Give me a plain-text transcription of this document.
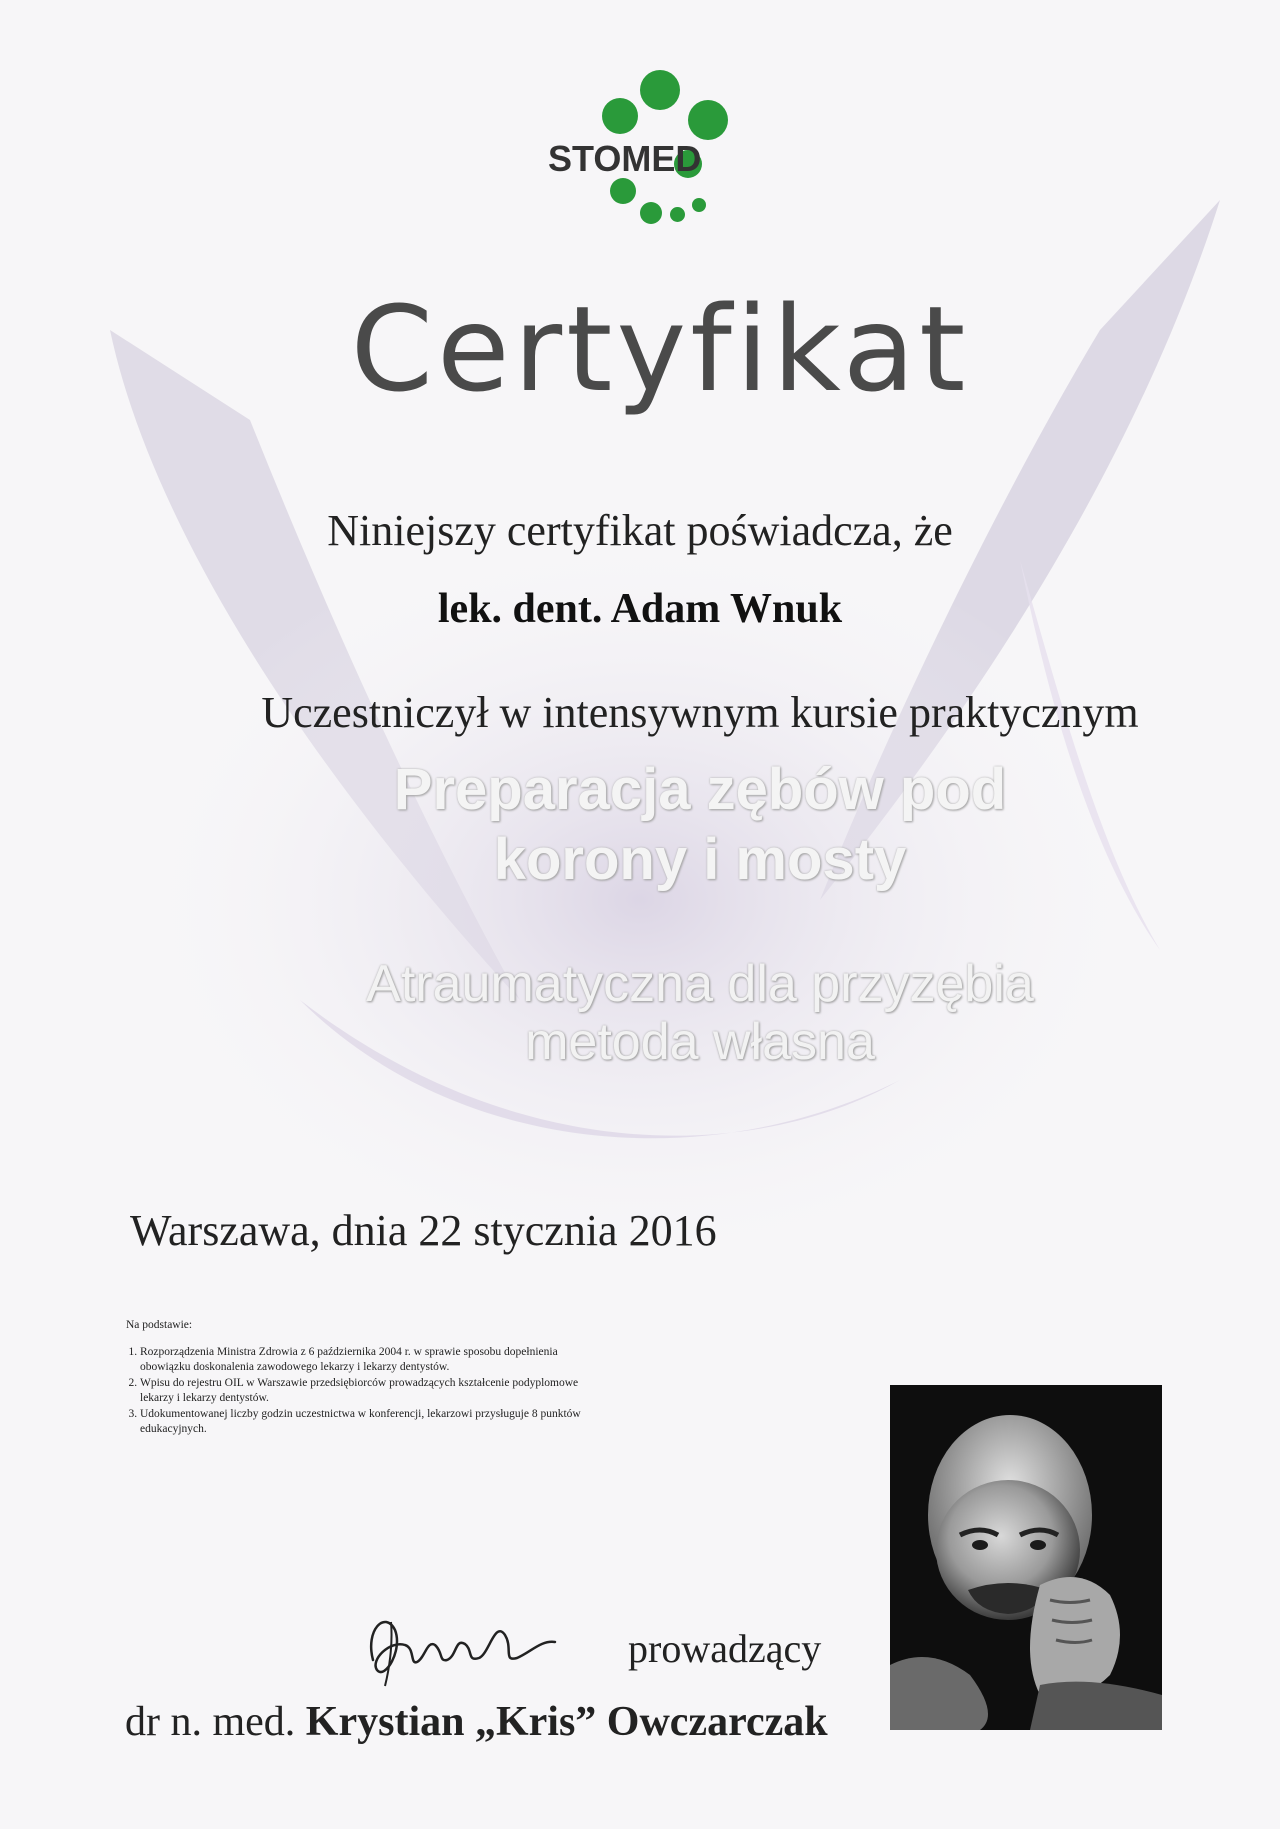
STOMED
Certyfikat
Niniejszy certyfikat poświadcza, że
lek. dent. Adam Wnuk
Uczestniczył w intensywnym kursie praktycznym
Preparacja zębów pod
korony i mosty
Atraumatyczna dla przyzębia
metoda własna
Warszawa, dnia 22 stycznia 2016
Na podstawie:
1. Rozporządzenia Ministra Zdrowia z 6 października 2004 r. w sprawie sposobu dopełnienia obowiązku doskonalenia zawodowego lekarzy i lekarzy dentystów.
2. Wpisu do rejestru OIL w Warszawie przedsiębiorców prowadzących kształcenie podyplomowe lekarzy i lekarzy dentystów.
3. Udokumentowanej liczby godzin uczestnictwa w konferencji, lekarzowi przysługuje 8 punktów edukacyjnych.
prowadzący
dr n. med. Krystian „Kris” Owczarczak
